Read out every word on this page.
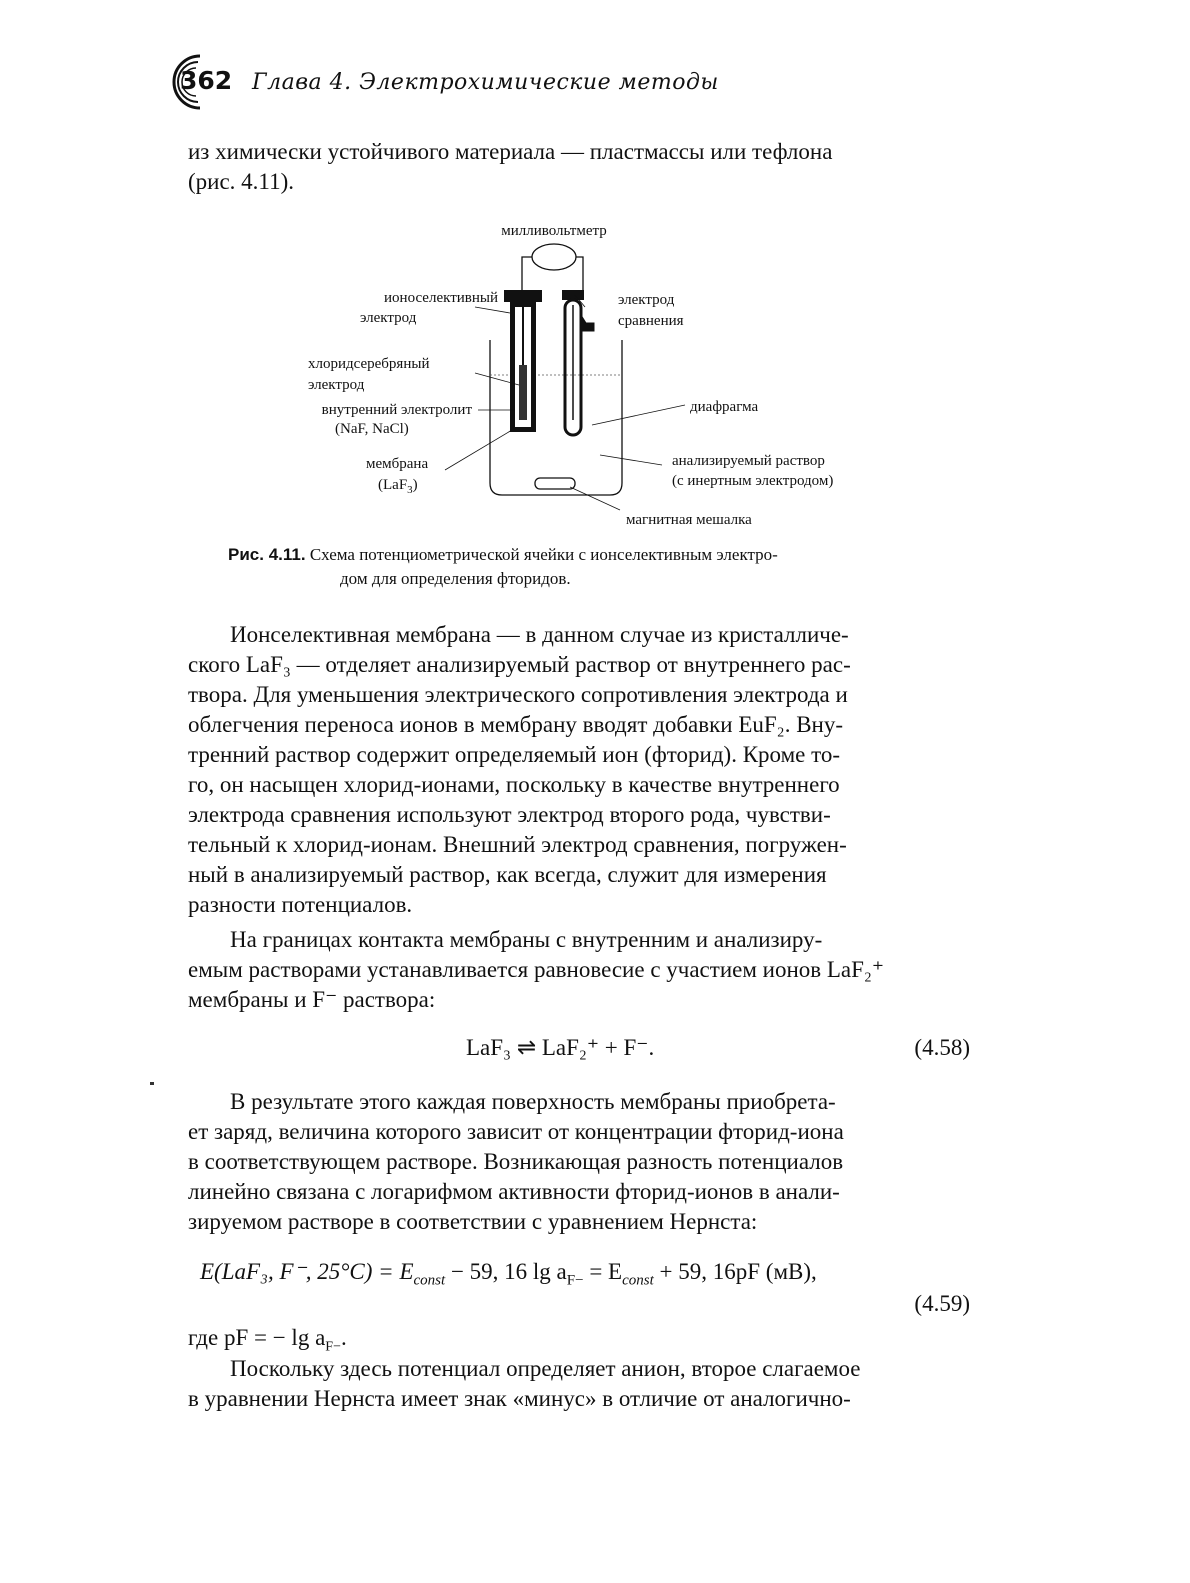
362 Глава 4. Электрохимические методы
из химически устойчивого материала — пластмассы или тефлона
(рис. 4.11).
милливольтметр
ионоселективный
электрод
электрод
сравнения
хлоридсеребряный
электрод
внутренний электролит
(NaF, NaCl)
диафрагма
мембрана
(LaF$_3$)
анализируемый раствор
(с инертным электродом)
магнитная мешалка
Рис. 4.11. Схема потенциометрической ячейки с ионселективным электро-
дом для определения фторидов.
Ионселективная мембрана — в данном случае из кристалличе-
ского LaF₃ — отделяет анализируемый раствор от внутреннего рас-
твора. Для уменьшения электрического сопротивления электрода и
облегчения переноса ионов в мембрану вводят добавки EuF₂. Вну-
тренний раствор содержит определяемый ион (фторид). Кроме то-
го, он насыщен хлорид-ионами, поскольку в качестве внутреннего
электрода сравнения используют электрод второго рода, чувстви-
тельный к хлорид-ионам. Внешний электрод сравнения, погружен-
ный в анализируемый раствор, как всегда, служит для измерения
разности потенциалов.
На границах контакта мембраны с внутренним и анализиру-
емым растворами устанавливается равновесие с участием ионов LaF₂⁺
мембраны и F⁻ раствора:
LaF₃ ⇌ LaF₂⁺ + F⁻.	(4.58)
В результате этого каждая поверхность мембраны приобрета-
ет заряд, величина которого зависит от концентрации фторид-иона
в соответствующем растворе. Возникающая разность потенциалов
линейно связана с логарифмом активности фторид-ионов в анали-
зируемом растворе в соответствии с уравнением Нернста:
E(LaF₃, F⁻, $25^\circ C) = E_{const} - 59$, 16 $\lg a_{F-} = E_{const} + 59$, 16pF (мВ),
(4.59)
где pF = − $\lg a_{F-}$.
Поскольку здесь потенциал определяет анион, второе слагаемое
в уравнении Нернста имеет знак «минус» в отличие от аналогично-
